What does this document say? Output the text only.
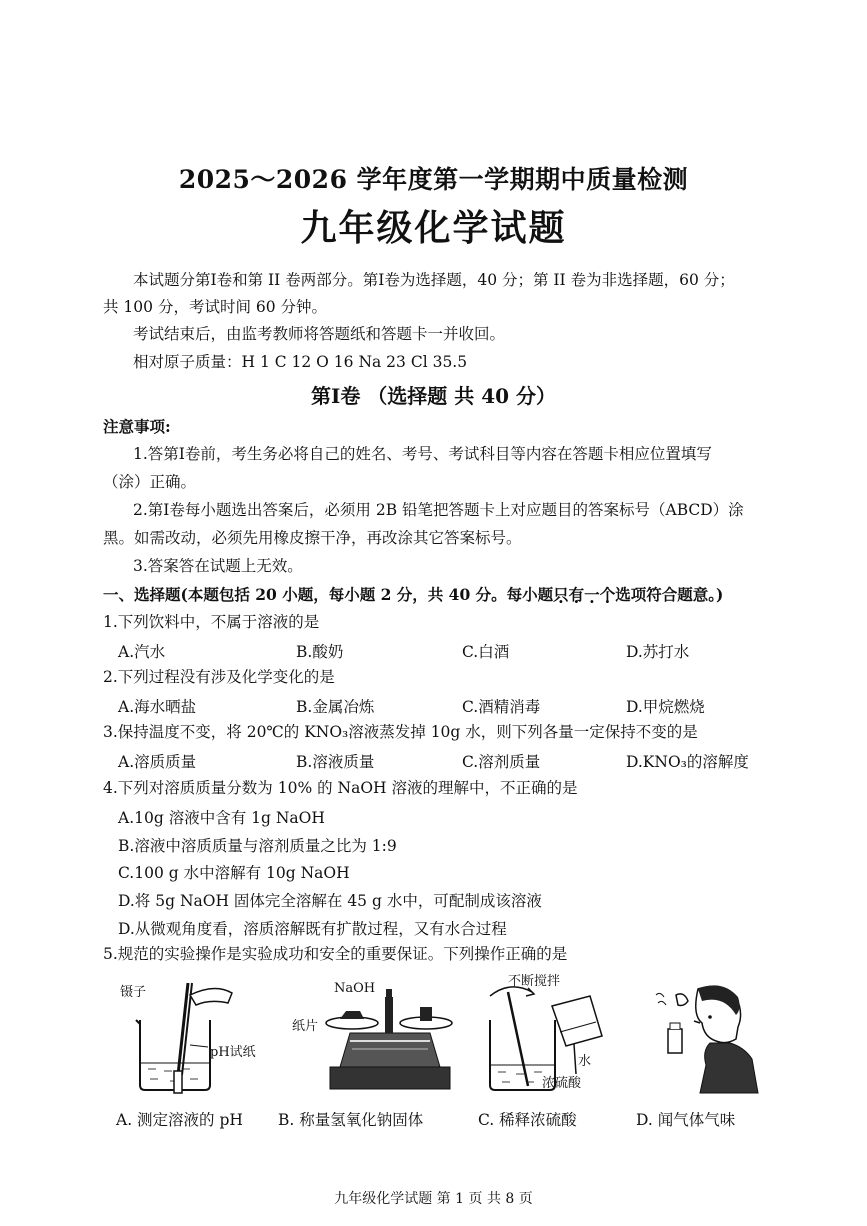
2025～2026 学年度第一学期期中质量检测
九年级化学试题
本试题分第Ⅰ卷和第 II 卷两部分。第Ⅰ卷为选择题，40 分；第 II 卷为非选择题，60 分；
共 100 分，考试时间 60 分钟。
考试结束后，由监考教师将答题纸和答题卡一并收回。
相对原子质量：H 1 C 12 O 16 Na 23 Cl 35.5
第Ⅰ卷 （选择题 共 40 分）
注意事项:
1.答第Ⅰ卷前，考生务必将自己的姓名、考号、考试科目等内容在答题卡相应位置填写
（涂）正确。
2.第Ⅰ卷每小题选出答案后，必须用 2B 铅笔把答题卡上对应题目的答案标号（ABCD）涂
黑。如需改动，必须先用橡皮擦干净，再改涂其它答案标号。
3.答案答在试题上无效。
一、选择题(本题包括 20 小题，每小题 2 分，共 40 分。每小题只有一个选项符合题意。)
1.下列饮料中，不属于溶液的是
A.汽水	B.酸奶	C.白酒	D.苏打水
2.下列过程没有涉及化学变化的是
A.海水晒盐	B.金属冶炼	C.酒精消毒	D.甲烷燃烧
3.保持温度不变，将 20℃的 KNO₃溶液蒸发掉 10g 水，则下列各量一定保持不变的是
A.溶质质量	B.溶液质量	C.溶剂质量	D.KNO₃的溶解度
4.下列对溶质质量分数为 10% 的 NaOH 溶液的理解中，不正确的是
A.10g 溶液中含有 1g NaOH
B.溶液中溶质质量与溶剂质量之比为 1:9
C.100 g 水中溶解有 10g NaOH
D.将 5g NaOH 固体完全溶解在 45 g 水中，可配制成该溶液
D.从微观角度看，溶质溶解既有扩散过程，又有水合过程
5.规范的实验操作是实验成功和安全的重要保证。下列操作正确的是
镊子
pH试纸
NaOH
纸片
不断搅拌
水
浓硫酸
A. 测定溶液的 pH B. 称量氢氧化钠固体	C. 稀释浓硫酸	D. 闻气体气味
九年级化学试题 第 1 页 共 8 页
